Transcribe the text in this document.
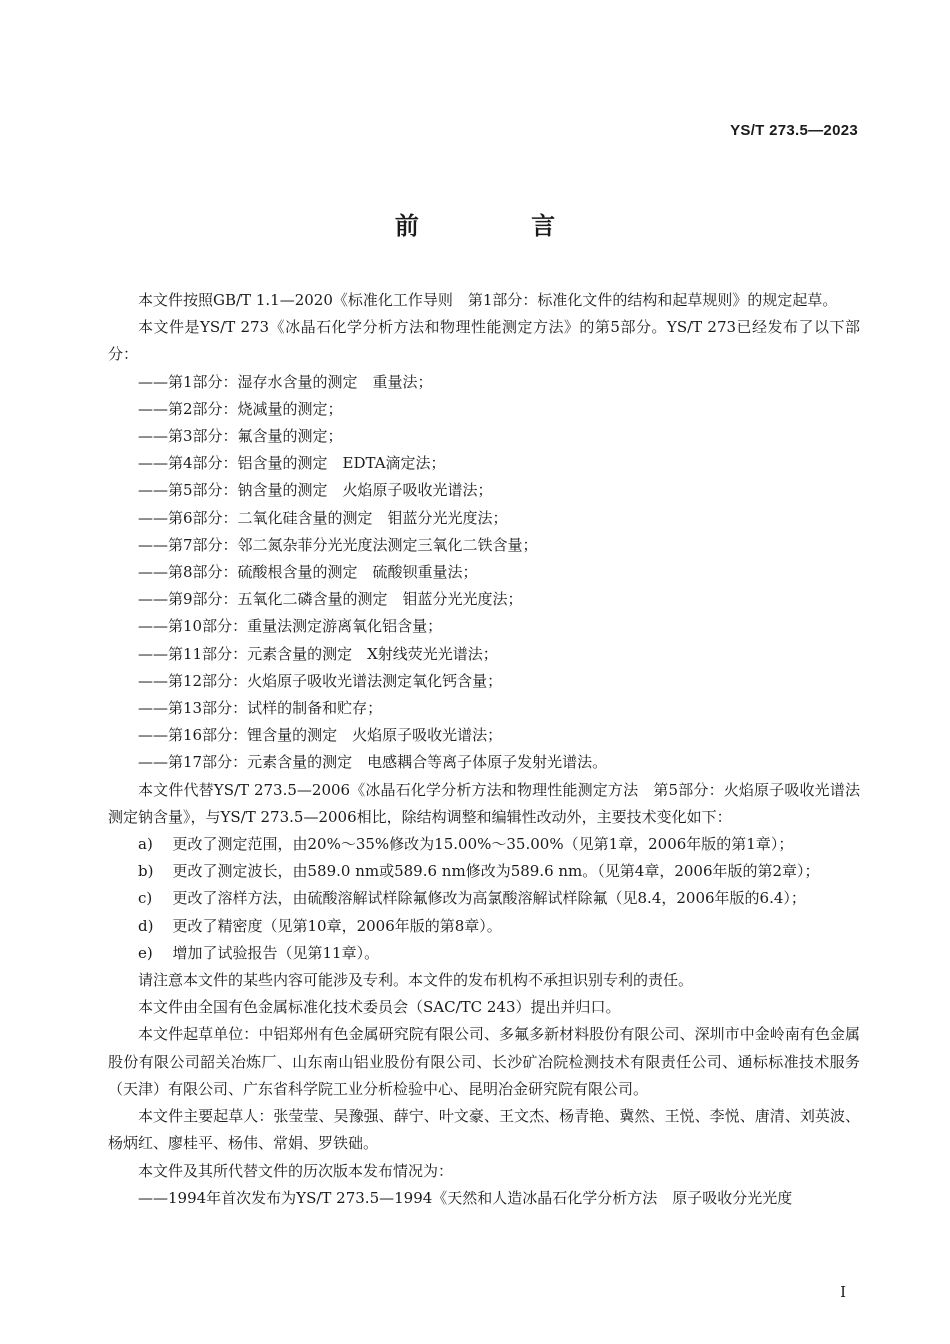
YS/T 273.5—2023
前 言

本文件按照GB/T 1.1—2020《标准化工作导则　第1部分：标准化文件的结构和起草规则》的规定起草。

本文件是YS/T 273《冰晶石化学分析方法和物理性能测定方法》的第5部分。YS/T 273已经发布了以下部分：

——第1部分：湿存水含量的测定　重量法；

——第2部分：烧减量的测定；

——第3部分：氟含量的测定；

——第4部分：铝含量的测定　EDTA滴定法；

——第5部分：钠含量的测定　火焰原子吸收光谱法；

——第6部分：二氧化硅含量的测定　钼蓝分光光度法；

——第7部分：邻二氮杂菲分光光度法测定三氧化二铁含量；

——第8部分：硫酸根含量的测定　硫酸钡重量法；

——第9部分：五氧化二磷含量的测定　钼蓝分光光度法；

——第10部分：重量法测定游离氧化铝含量；

——第11部分：元素含量的测定　X射线荧光光谱法；

——第12部分：火焰原子吸收光谱法测定氧化钙含量；

——第13部分：试样的制备和贮存；

——第16部分：锂含量的测定　火焰原子吸收光谱法；

——第17部分：元素含量的测定　电感耦合等离子体原子发射光谱法。

本文件代替YS/T 273.5—2006《冰晶石化学分析方法和物理性能测定方法　第5部分：火焰原子吸收光谱法测定钠含量》，与YS/T 273.5—2006相比，除结构调整和编辑性改动外，主要技术变化如下：

a) 更改了测定范围，由20%～35%修改为15.00%～35.00%（见第1章，2006年版的第1章）；

b) 更改了测定波长，由589.0 nm或589.6 nm修改为589.6 nm。（见第4章，2006年版的第2章）；

c) 更改了溶样方法，由硫酸溶解试样除氟修改为高氯酸溶解试样除氟（见8.4，2006年版的6.4）；

d) 更改了精密度（见第10章，2006年版的第8章）。

e) 增加了试验报告（见第11章）。

请注意本文件的某些内容可能涉及专利。本文件的发布机构不承担识别专利的责任。

本文件由全国有色金属标准化技术委员会（SAC/TC 243）提出并归口。

本文件起草单位：中铝郑州有色金属研究院有限公司、多氟多新材料股份有限公司、深圳市中金岭南有色金属股份有限公司韶关冶炼厂、山东南山铝业股份有限公司、长沙矿冶院检测技术有限责任公司、通标标准技术服务（天津）有限公司、广东省科学院工业分析检验中心、昆明冶金研究院有限公司。

本文件主要起草人：张莹莹、吴豫强、薛宁、叶文豪、王文杰、杨青艳、冀然、王悦、李悦、唐清、刘英波、杨炳红、廖桂平、杨伟、常娟、罗铁础。

本文件及其所代替文件的历次版本发布情况为：

——1994年首次发布为YS/T 273.5—1994《天然和人造冰晶石化学分析方法　原子吸收分光光度

I
